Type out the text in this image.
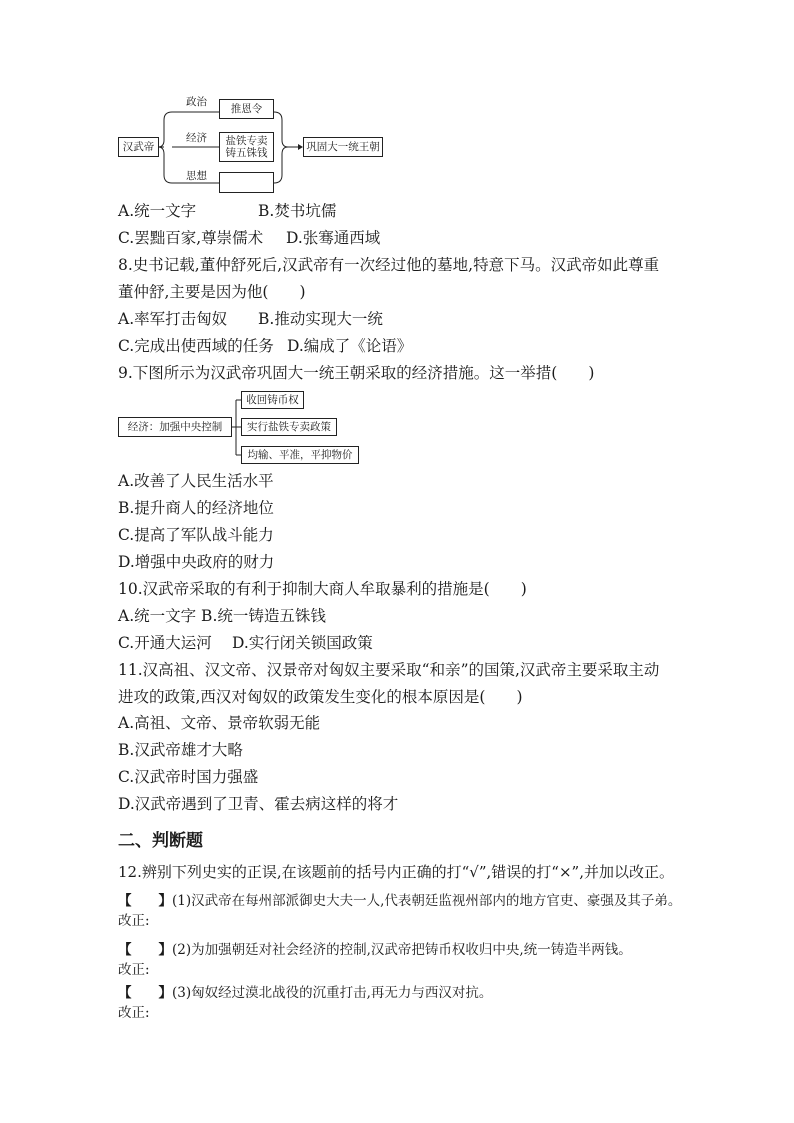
汉武帝
政治
推恩令
经济 盐铁专卖
铸五铢钱
思想
巩固大一统王朝
A.统一文字	B.焚书坑儒
C.罢黜百家,尊崇儒术 D.张骞通西域
8.史书记载,董仲舒死后,汉武帝有一次经过他的墓地,特意下马。汉武帝如此尊重
董仲舒,主要是因为他(　　)
A.率军打击匈奴 B.推动实现大一统
C.完成出使西域的任务 D.编成了《论语》
9.下图所示为汉武帝巩固大一统王朝采取的经济措施。这一举措(　　)
经济：加强中央控制
收回铸币权
实行盐铁专卖政策
均输、平准，平抑物价
A.改善了人民生活水平
B.提升商人的经济地位
C.提高了军队战斗能力
D.增强中央政府的财力
10.汉武帝采取的有利于抑制大商人牟取暴利的措施是(　　)
A.统一文字 B.统一铸造五铢钱
C.开通大运河 D.实行闭关锁国政策
11.汉高祖、汉文帝、汉景帝对匈奴主要采取“和亲”的国策,汉武帝主要采取主动
进攻的政策,西汉对匈奴的政策发生变化的根本原因是(　　)
A.高祖、文帝、景帝软弱无能
B.汉武帝雄才大略
C.汉武帝时国力强盛
D.汉武帝遇到了卫青、霍去病这样的将才
二、判断题
12.辨别下列史实的正误,在该题前的括号内正确的打“√”,错误的打“×”,并加以改正。
【　　】(1)汉武帝在每州部派御史大夫一人,代表朝廷监视州部内的地方官吏、豪强及其子弟。
改正:
【　　】(2)为加强朝廷对社会经济的控制,汉武帝把铸币权收归中央,统一铸造半两钱。
改正:
【　　】(3)匈奴经过漠北战役的沉重打击,再无力与西汉对抗。
改正:
